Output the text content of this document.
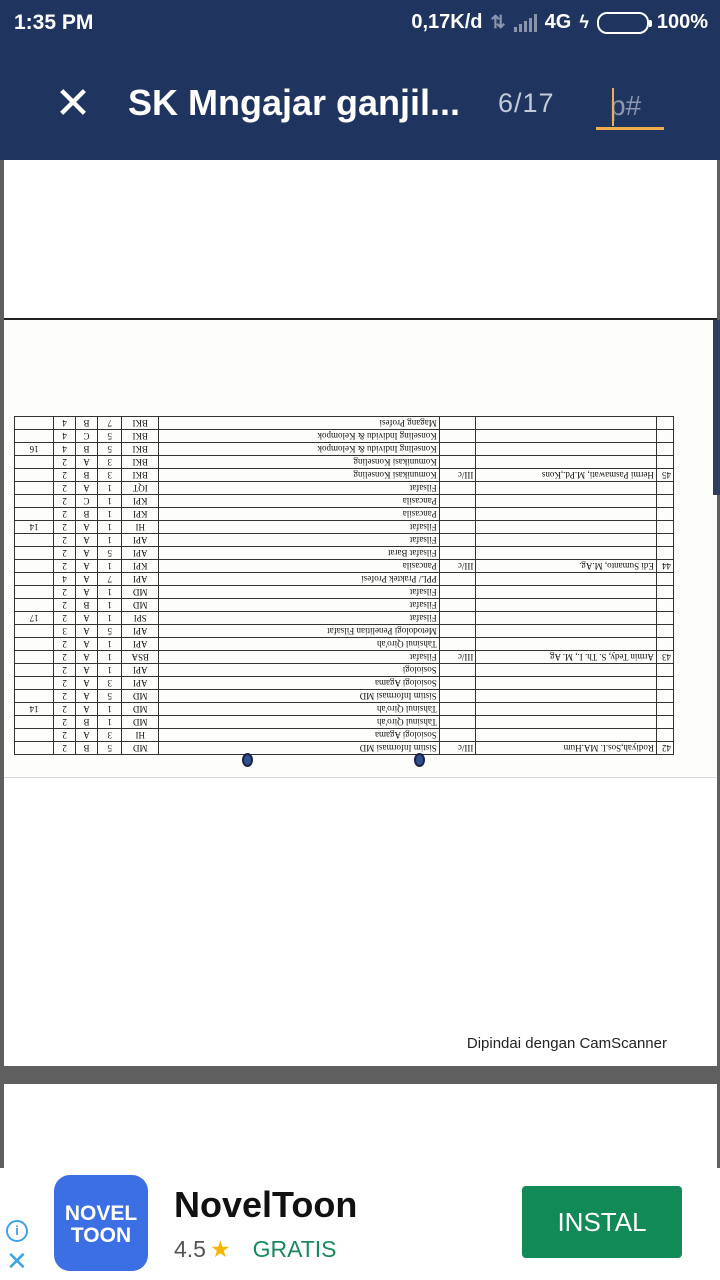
1:35 PM	0,17K/d ⇅ 4G ϟ	100%
✕ SK Mngajar ganjil... 6/17
p#
42	Rodiyah,Sos.I. MA.Hum	III/c	Sistim Informasi MD	MD	5	B	2	
			Sosiologi Agama	HI	3	A	2	
			Tahsinul Qiro'ah	MD	1	B	2	
			Tahsinul Qiro'ah	MD	1	A	2	14
			Sistim Informasi MD	MD	5	A	2	
			Sosiologi Agama	API	3	A	2	
			Sosiologi	API	1	A	2	
43	Armin Tedy, S. Th. I., M. Ag	III/c	Filsafat	BSA	1	A	2	
			Tahsinul Qiro'ah	API	1	A	2	
			Metodologi Penelitian Filsafat	API	5	A	3	
			Filsafat	SPI	1	A	2	17
			Filsafat	MD	1	B	2	
			Filsafat	MD	1	A	2	
			PPL/ Praktek Profesi	API	7	A	4	
44	Edi Sumanto, M.Ag.	III/c	Pancasila	KPI	1	A	2	
			Filsafat Barat	API	5	A	2	
			Filsafat	API	1	A	2	
			Filsafat	HI	1	A	2	14
			Pancasila	KPI	1	B	2	
			Pancasila	KPI	1	C	2	
			Filsafat	IQT	1	A	2	
45	Hermi Pasmawati, M.Pd.,Kons	III/c	Komunikasi Konseling	BKI	3	B	2	
			Komunikasi Konseling	BKI	3	A	2	
			Konseling Individu & Kelompok	BKI	5	B	4	16
			Konseling Individu & Kelompok	BKI	5	C	4	
			Magang Profesi	BKI	7	B	4	
Dipindai dengan CamScanner
i
✕
NOVEL
TOON
NovelToon
4.5 ★ GRATIS
INSTAL
